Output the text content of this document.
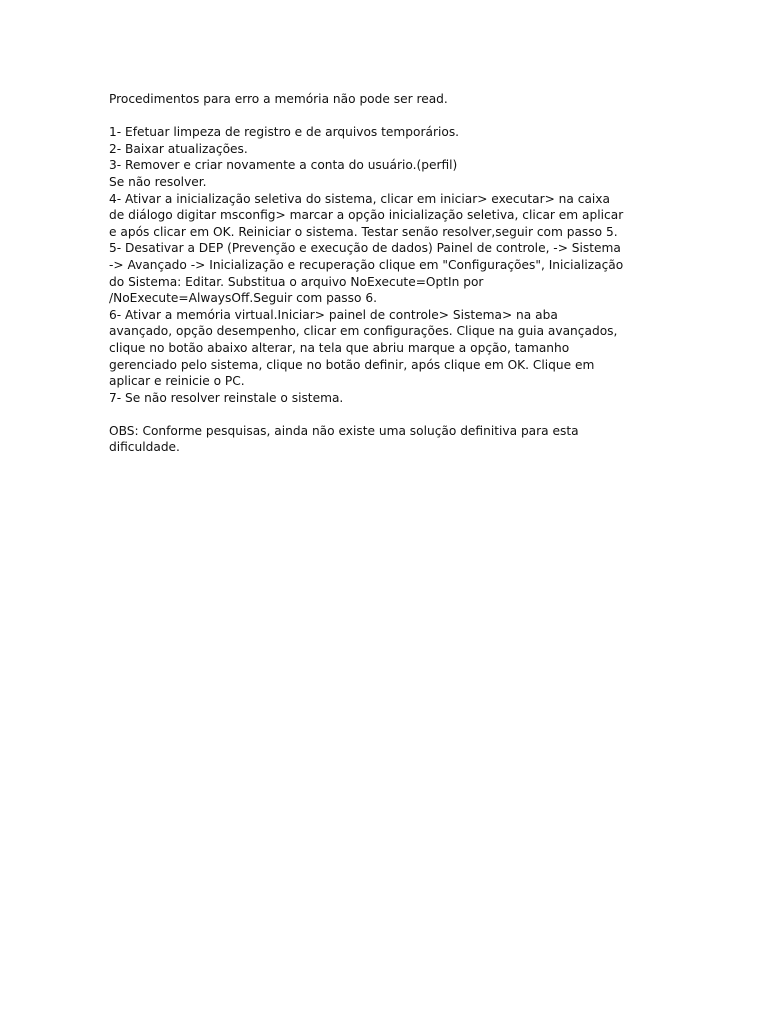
Procedimentos para erro a memória não pode ser read.
1- Efetuar limpeza de registro e de arquivos temporários.
2- Baixar atualizações.
3- Remover e criar novamente a conta do usuário.(perfil)
Se não resolver.
4- Ativar a inicialização seletiva do sistema, clicar em iniciar> executar> na caixa
de diálogo digitar msconfig> marcar a opção inicialização seletiva, clicar em aplicar
e após clicar em OK. Reiniciar o sistema. Testar senão resolver,seguir com passo 5.
5- Desativar a DEP (Prevenção e execução de dados) Painel de controle, -> Sistema
-> Avançado -> Inicialização e recuperação clique em "Configurações", Inicialização
do Sistema: Editar. Substitua o arquivo NoExecute=OptIn por
/NoExecute=AlwaysOff.Seguir com passo 6.
6- Ativar a memória virtual.Iniciar> painel de controle> Sistema> na aba
avançado, opção desempenho, clicar em configurações. Clique na guia avançados,
clique no botão abaixo alterar, na tela que abriu marque a opção, tamanho
gerenciado pelo sistema, clique no botão definir, após clique em OK. Clique em
aplicar e reinicie o PC.
7- Se não resolver reinstale o sistema.
OBS: Conforme pesquisas, ainda não existe uma solução definitiva para esta
dificuldade.
